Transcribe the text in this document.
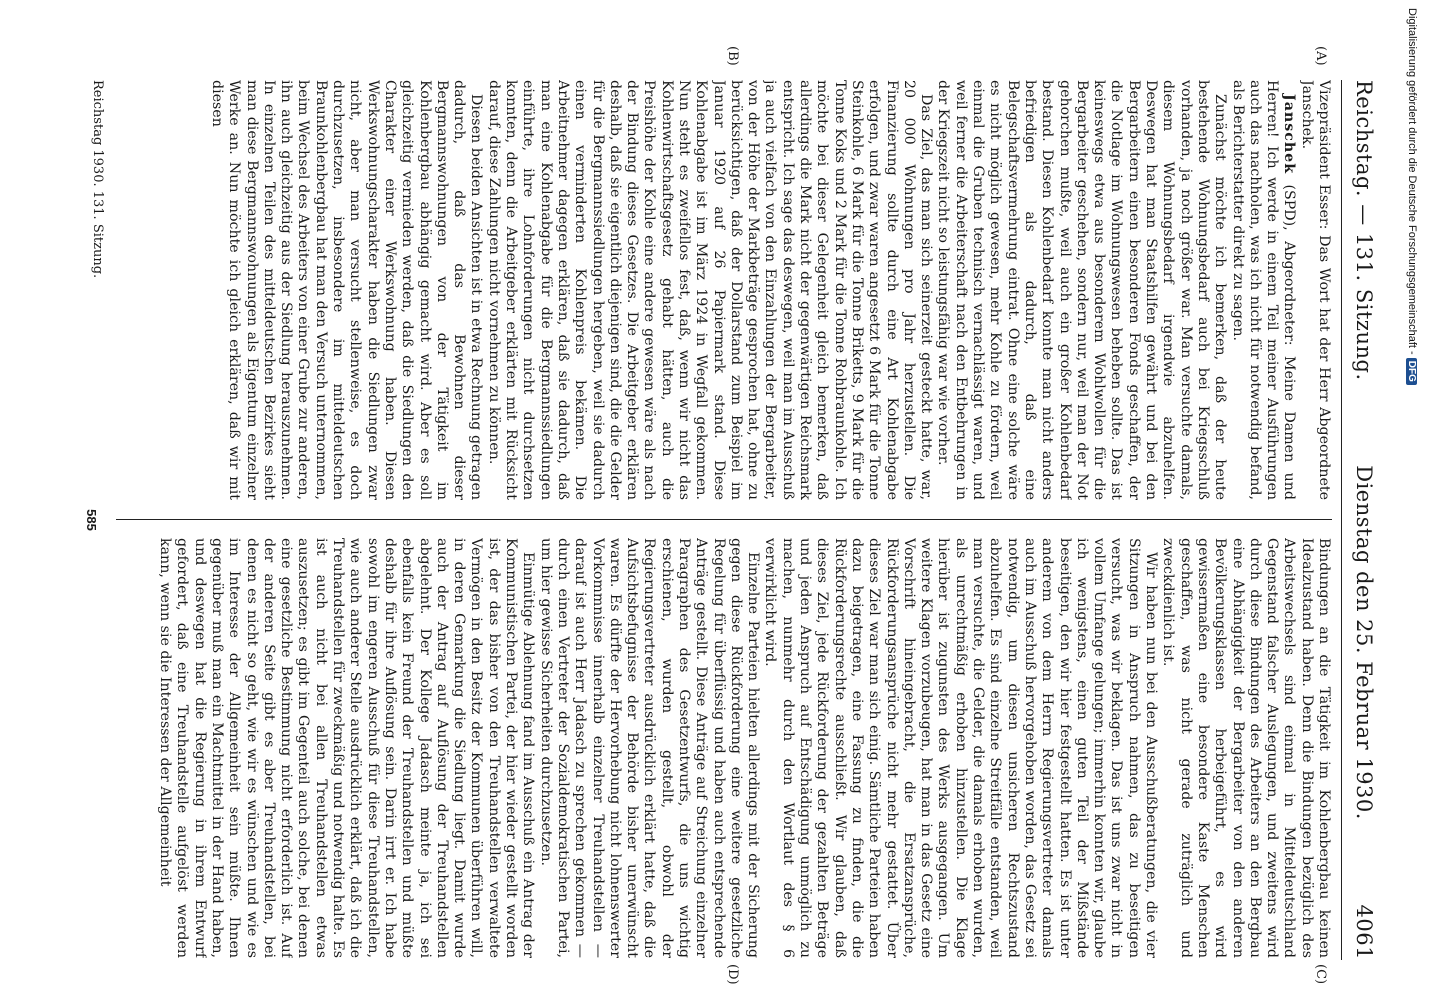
Reichstag. — 131. Sitzung.
Dienstag den 25. Februar 1930.
4061
(A)
(B)
(C)
(D)

Vizepräsident Esser: Das Wort hat der Herr Abgeordnete Janschek.

Janschek (SPD), Abgeordneter: Meine Damen und Herren! Ich werde in einem Teil meiner Ausführungen auch das nachholen, was ich nicht für notwendig befand, als Berichterstatter direkt zu sagen.

Zunächst möchte ich bemerken, daß der heute bestehende Wohnungsbedarf auch bei Kriegsschluß vorhanden, ja noch größer war. Man versuchte damals, diesem Wohnungsbedarf irgendwie abzuhelfen. Deswegen hat man Staatshilfen gewährt und bei den Bergarbeitern einen besonderen Fonds geschaffen, der die Notlage im Wohnungswesen beheben sollte. Das ist keineswegs etwa aus besonderem Wohlwollen für die Bergarbeiter geschehen, sondern nur, weil man der Not gehorchen mußte, weil auch ein großer Kohlenbedarf bestand. Diesen Kohlenbedarf konnte man nicht anders befriedigen als dadurch, daß eine Belegschaftsvermehrung eintrat. Ohne eine solche wäre es nicht möglich gewesen, mehr Kohle zu fördern, weil einmal die Gruben technisch vernachlässigt waren, und weil ferner die Arbeiterschaft nach den Entbehrungen in der Kriegszeit nicht so leistungsfähig war wie vorher.

Das Ziel, das man sich seinerzeit gesteckt hatte, war, 20 000 Wohnungen pro Jahr herzustellen. Die Finanzierung sollte durch eine Art Kohlenabgabe erfolgen, und zwar waren angesetzt 6 Mark für die Tonne Steinkohle, 6 Mark für die Tonne Briketts, 9 Mark für die Tonne Koks und 2 Mark für die Tonne Rohbraunkohle. Ich möchte bei dieser Gelegenheit gleich bemerken, daß allerdings die Mark nicht der gegenwärtigen Reichsmark entspricht. Ich sage das deswegen, weil man im Ausschuß ja auch vielfach von den Einzahlungen der Bergarbeiter, von der Höhe der Markbeträge gesprochen hat, ohne zu berücksichtigen, daß der Dollarstand zum Beispiel im Januar 1920 auf 26 Papiermark stand. Diese Kohlenabgabe ist im März 1924 in Wegfall gekommen. Nun steht es zweifellos fest, daß, wenn wir nicht das Kohlenwirtschaftsgesetz gehabt hätten, auch die Preishöhe der Kohle eine andere gewesen wäre als nach der Bindung dieses Gesetzes. Die Arbeitgeber erklären deshalb, daß sie eigentlich diejenigen sind, die die Gelder für die Bergmannssiedlungen hergeben, weil sie dadurch einen verminderten Kohlenpreis bekämen. Die Arbeitnehmer dagegen erklären, daß sie dadurch, daß man eine Kohlenabgabe für die Bergmannssiedlungen einführte, ihre Lohnforderungen nicht durchsetzen konnten, denn die Arbeitgeber erklärten mit Rücksicht darauf, diese Zahlungen nicht vornehmen zu können.

Diesen beiden Ansichten ist in etwa Rechnung getragen dadurch, daß das Bewohnen dieser Bergmannswohnungen von der Tätigkeit im Kohlenbergbau abhängig gemacht wird. Aber es soll gleichzeitig vermieden werden, daß die Siedlungen den Charakter einer Werkswohnung haben. Diesen Werkswohnungscharakter haben die Siedlungen zwar nicht, aber man versucht stellenweise, es doch durchzusetzen, insbesondere im mitteldeutschen Braunkohlenbergbau hat man den Versuch unternommen, beim Wechsel des Arbeiters von einer Grube zur anderen, ihn auch gleichzeitig aus der Siedlung herauszunehmen. In einzelnen Teilen des mitteldeutschen Bezirkes sieht man diese Bergmannswohnungen als Eigentum einzelner Werke an. Nun möchte ich gleich erklären, daß wir mit diesen

Bindungen an die Tätigkeit im Kohlenbergbau keinen Idealzustand haben. Denn die Bindungen bezüglich des Arbeitswechsels sind einmal in Mitteldeutschland Gegenstand falscher Auslegungen, und zweitens wird durch diese Bindungen des Arbeiters an den Bergbau eine Abhängigkeit der Bergarbeiter von den anderen Bevölkerungsklassen herbeigeführt, es wird gewissermaßen eine besondere Kaste Menschen geschaffen, was nicht gerade zuträglich und zweckdienlich ist.

Wir haben nun bei den Ausschußberatungen, die vier Sitzungen in Anspruch nahmen, das zu beseitigen versucht, was wir beklagen. Das ist uns zwar nicht in vollem Umfange gelungen; immerhin konnten wir, glaube ich wenigstens, einen guten Teil der Mißstände beseitigen, den wir hier festgestellt hatten. Es ist unter anderem von dem Herrn Regierungsvertreter damals auch im Ausschuß hervorgehoben worden, das Gesetz sei notwendig, um diesen unsicheren Rechtszustand abzuhelfen. Es sind einzelne Streitfälle entstanden, weil man versuchte, die Gelder, die damals erhoben wurden, als unrechtmäßig erhoben hinzustellen. Die Klage hierüber ist zugunsten des Werks ausgegangen. Um weitere Klagen vorzubeugen, hat man in das Gesetz eine Vorschrift hineingebracht, die Ersatzansprüche, Rückforderungsansprüche nicht mehr gestattet. Über dieses Ziel war man sich einig. Sämtliche Parteien haben dazu beigetragen, eine Fassung zu finden, die die Rückforderungsrechte ausschließt. Wir glauben, daß dieses Ziel, jede Rückforderung der gezahlten Beträge und jeden Anspruch auf Entschädigung unmöglich zu machen, nunmehr durch den Wortlaut des § 6 verwirklicht wird.

Einzelne Parteien hielten allerdings mit der Sicherung gegen diese Rückforderung eine weitere gesetzliche Regelung für überflüssig und haben auch entsprechende Anträge gestellt. Diese Anträge auf Streichung einzelner Paragraphen des Gesetzentwurfs, die uns wichtig erschienen, wurden gestellt, obwohl der Regierungsvertreter ausdrücklich erklärt hatte, daß die Aufsichtsbefugnisse der Behörde bisher unerwünscht waren. Es dürfte der Hervorhebung nicht lohnenswerter Vorkommnisse innerhalb einzelner Treuhandstellen — darauf ist auch Herr Jadasch zu sprechen gekommen — durch einen Vertreter der Sozialdemokratischen Partei, um hier gewisse Sicherheiten durchzusetzen.

Einmütige Ablehnung fand im Ausschuß ein Antrag der Kommunistischen Partei, der hier wieder gestellt worden ist, der das bisher von den Treuhandstellen verwaltete Vermögen in den Besitz der Kommunen überführen will, in deren Gemarkung die Siedlung liegt. Damit wurde auch der Antrag auf Auflösung der Treuhandstellen abgelehnt. Der Kollege Jadasch meinte ja, ich sei ebenfalls kein Freund der Treuhandstellen und müßte deshalb für ihre Auflösung sein. Darin irrt er. Ich habe sowohl im engeren Ausschuß für diese Treuhandstellen, wie auch anderer Stelle ausdrücklich erklärt, daß ich die Treuhandstellen für zweckmäßig und notwendig halte. Es ist auch nicht bei allen Treuhandstellen etwas auszusetzen; es gibt im Gegenteil auch solche, bei denen eine gesetzliche Bestimmung nicht erforderlich ist. Auf der anderen Seite gibt es aber Treuhandstellen, bei denen es nicht so geht, wie wir es wünschen und wie es im Interesse der Allgemeinheit sein müßte. Ihnen gegenüber muß man ein Machtmittel in der Hand haben, und deswegen hat die Regierung in ihrem Entwurf gefordert, daß eine Treuhandstelle aufgelöst werden kann, wenn sie die Interessen der Allgemeinheit

Reichstag 1930. 131. Sitzung.
585
Digitalisierung gefördert durch die Deutsche Forschungsgemeinschaft - DFG
